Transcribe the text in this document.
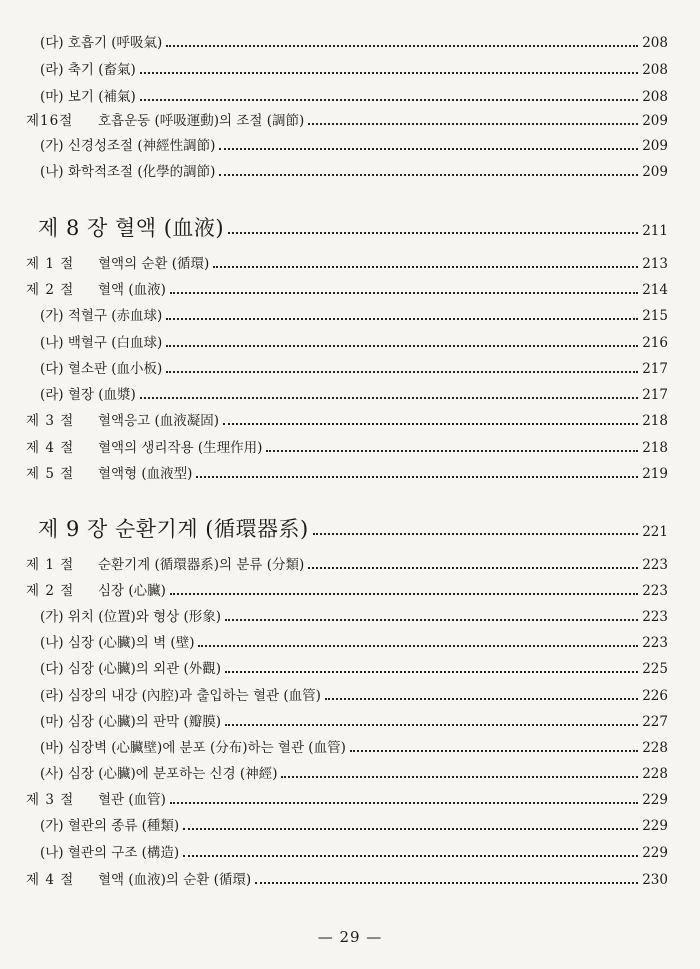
(다) 호흡기 (呼吸氣)	208
(라) 축기 (畜氣)	208
(마) 보기 (補氣)	208
제16절 호흡운동 (呼吸運動)의 조절 (調節)	209
(가) 신경성조절 (神經性調節)	209
(나) 화학적조절 (化學的調節)	209
제 8 장 혈액 (血液)	211
제 1 절 혈액의 순환 (循環)	213
제 2 절 혈액 (血液)	214
(가) 적혈구 (赤血球)	215
(나) 백혈구 (白血球)	216
(다) 혈소판 (血小板)	217
(라) 혈장 (血漿)	217
제 3 절 혈액응고 (血液凝固)	218
제 4 절 혈액의 생리작용 (生理作用)	218
제 5 절 혈액형 (血液型)	219
제 9 장 순환기계 (循環器系)	221
제 1 절 순환기계 (循環器系)의 분류 (分類)	223
제 2 절 심장 (心臟)	223
(가) 위치 (位置)와 형상 (形象)	223
(나) 심장 (心臟)의 벽 (壁)	223
(다) 심장 (心臟)의 외관 (外觀)	225
(라) 심장의 내강 (內腔)과 출입하는 혈관 (血管)	226
(마) 심장 (心臟)의 판막 (瓣膜)	227
(바) 심장벽 (心臟壁)에 분포 (分布)하는 혈관 (血管)	228
(사) 심장 (心臟)에 분포하는 신경 (神經)	228
제 3 절 혈관 (血管)	229
(가) 혈관의 종류 (種類)	229
(나) 혈관의 구조 (構造)	229
제 4 절 혈액 (血液)의 순환 (循環)	230
— 29 —
